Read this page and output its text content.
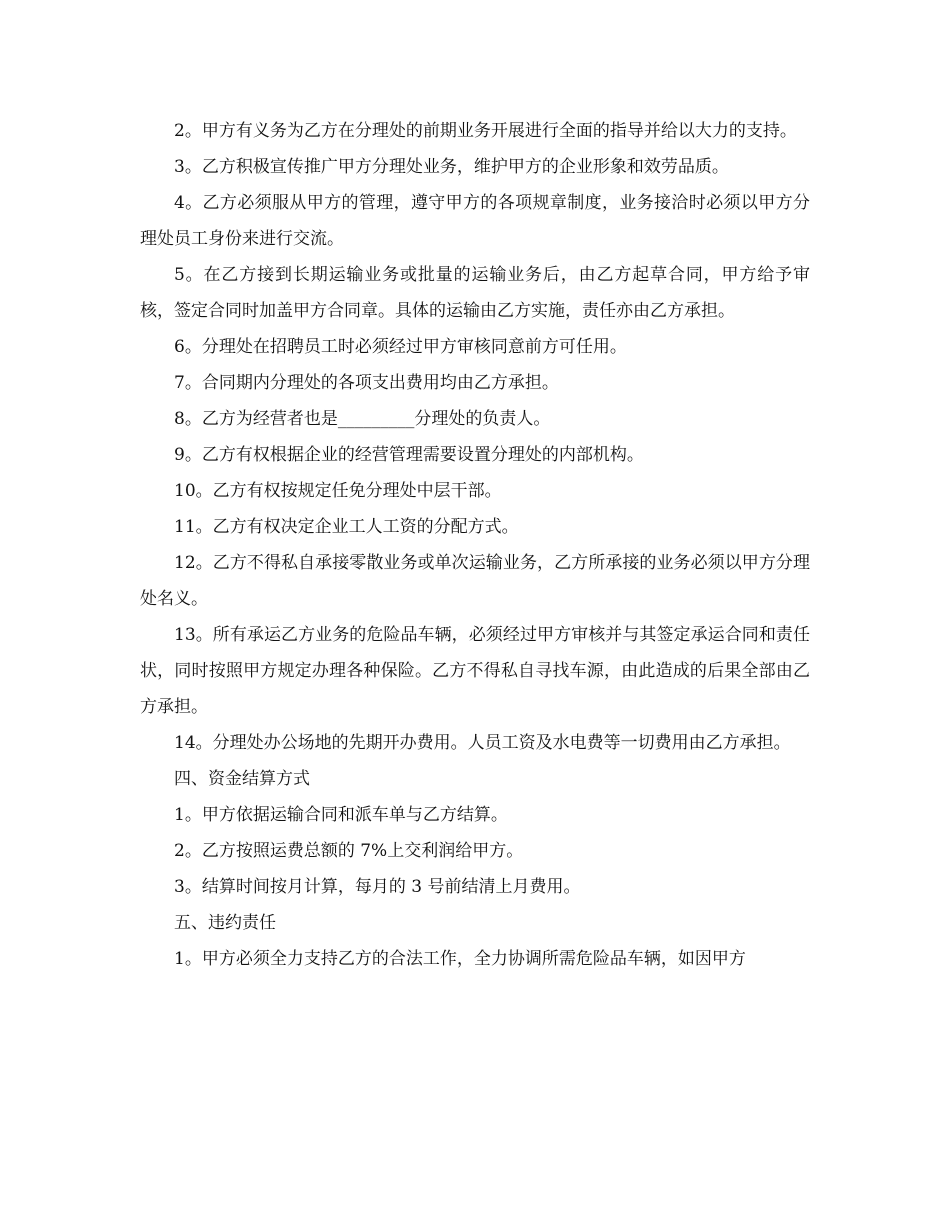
2。甲方有义务为乙方在分理处的前期业务开展进行全面的指导并给以大力的支持。

3。乙方积极宣传推广甲方分理处业务，维护甲方的企业形象和效劳品质。

4。乙方必须服从甲方的管理，遵守甲方的各项规章制度，业务接洽时必须以甲方分理处员工身份来进行交流。

5。在乙方接到长期运输业务或批量的运输业务后，由乙方起草合同，甲方给予审核，签定合同时加盖甲方合同章。具体的运输由乙方实施，责任亦由乙方承担。

6。分理处在招聘员工时必须经过甲方审核同意前方可任用。

7。合同期内分理处的各项支出费用均由乙方承担。

8。乙方为经营者也是_________分理处的负责人。

9。乙方有权根据企业的经营管理需要设置分理处的内部机构。

10。乙方有权按规定任免分理处中层干部。

11。乙方有权决定企业工人工资的分配方式。

12。乙方不得私自承接零散业务或单次运输业务，乙方所承接的业务必须以甲方分理处名义。

13。所有承运乙方业务的危险品车辆，必须经过甲方审核并与其签定承运合同和责任状，同时按照甲方规定办理各种保险。乙方不得私自寻找车源，由此造成的后果全部由乙方承担。

14。分理处办公场地的先期开办费用。人员工资及水电费等一切费用由乙方承担。

四、资金结算方式

1。甲方依据运输合同和派车单与乙方结算。

2。乙方按照运费总额的 7%上交利润给甲方。

3。结算时间按月计算，每月的 3 号前结清上月费用。

五、违约责任

1。甲方必须全力支持乙方的合法工作，全力协调所需危险品车辆，如因甲方
